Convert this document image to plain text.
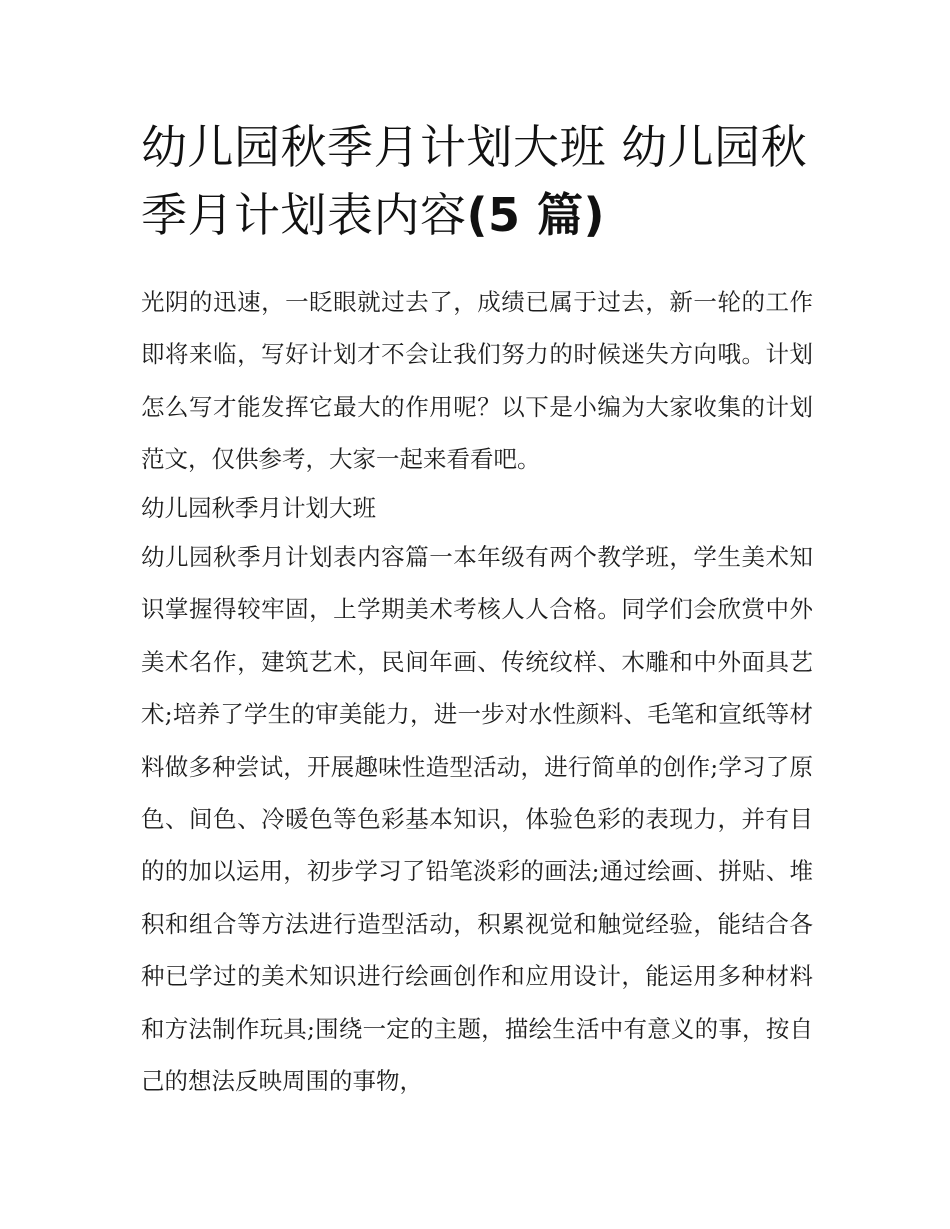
幼儿园秋季月计划大班 幼儿园秋季月计划表内容(5 篇)

光阴的迅速，一眨眼就过去了，成绩已属于过去，新一轮的工作即将来临，写好计划才不会让我们努力的时候迷失方向哦。计划怎么写才能发挥它最大的作用呢？以下是小编为大家收集的计划范文，仅供参考，大家一起来看看吧。

幼儿园秋季月计划大班

幼儿园秋季月计划表内容篇一本年级有两个教学班，学生美术知识掌握得较牢固，上学期美术考核人人合格。同学们会欣赏中外美术名作，建筑艺术，民间年画、传统纹样、木雕和中外面具艺术;培养了学生的审美能力，进一步对水性颜料、毛笔和宣纸等材料做多种尝试，开展趣味性造型活动，进行简单的创作;学习了原色、间色、冷暖色等色彩基本知识，体验色彩的表现力，并有目的的加以运用，初步学习了铅笔淡彩的画法;通过绘画、拼贴、堆积和组合等方法进行造型活动，积累视觉和触觉经验，能结合各种已学过的美术知识进行绘画创作和应用设计，能运用多种材料和方法制作玩具;围绕一定的主题，描绘生活中有意义的事，按自己的想法反映周围的事物，
